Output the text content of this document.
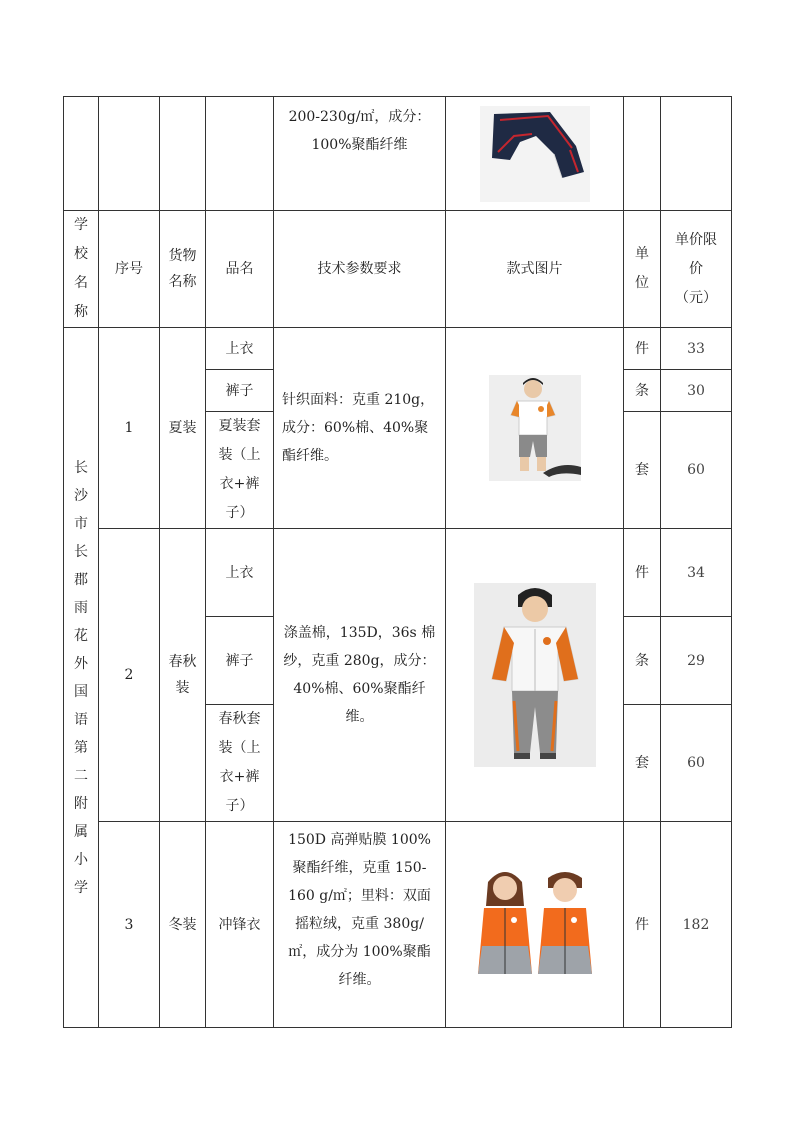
				200-230g/㎡，成分：100%聚酯纤维	

学校名称	序号	货物名称	品名	技术参数要求	款式图片	单位	单价限价（元）
长沙市长郡雨花外国语第二附属小学	1	夏装	上衣	针织面料：克重 210g，成分：60%棉、40%聚酯纤维。		件	33
			裤子			条	30
			夏装套装（上衣+裤子）			套	60
	2	春秋装	上衣	涤盖棉，135D，36s 棉纱，克重 280g，成分：40%棉、60%聚酯纤维。		件	34
			裤子			条	29
			春秋套装（上衣+裤子）			套	60
	3	冬装	冲锋衣	150D 高弹贴膜 100%聚酯纤维，克重 150-160 g/㎡；里料：双面摇粒绒，克重 380g/㎡，成分为 100%聚酯纤维。		件	182
